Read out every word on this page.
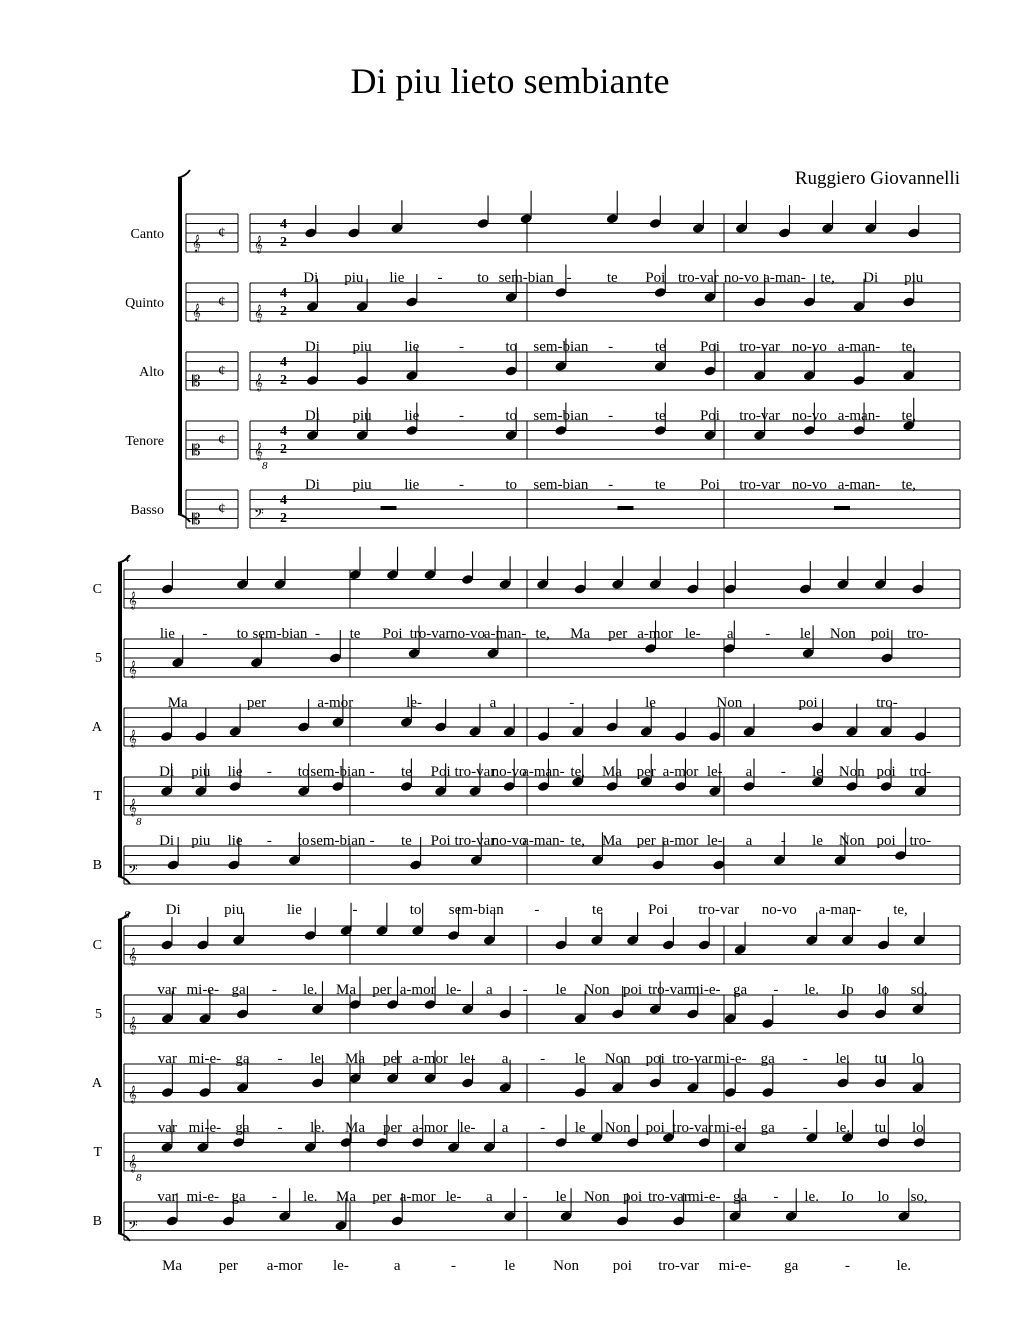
Di piu lieto sembiante
Ruggiero Giovannelli
𝄞
¢
Canto
𝄞
¢
Quinto
𝄡
¢
Alto
𝄡
¢
Tenore
𝄡
¢
Basso
𝄞
4
2
Di piu lie - to sem-bian - te Poi tro-var no-vo a-man- te, Di piu
𝄞
4
2
Di piu lie	-	to sem-bian -	te Poi tro-var no-vo a-man- te,
𝄞
4
2
Di piu lie	-	to sem-bian -	te Poi tro-var no-vo a-man- te,
𝄞
8
4
2
Di piu lie	-	to sem-bian -	te Poi tro-var no-vo a-man- te,
𝄢
4
2
C
5
A
T
B
4
𝄞
lie - to sem-bian - te Poi tro-var no-vo
a-man- te, Ma per a-mor le- a - le Non poi tro-
𝄞
Ma	per	a-mor	le-	a	-	le	Non	poi	tro-
𝄞
Di piu lie - to sem-bian - te Poi tro-var
no-vo
a-man- te, Ma per a-mor le- a - le Non poi tro-
𝄞
8
Di piu lie - to sem-bian - te Poi tro-var
no-vo
a-man- te, Ma per a-mor le- a - le Non poi tro-
𝄢
Di	piu	lie	-	to sem-bian -	te	Poi tro-var no-vo a-man- te,
C
5
A
T
B
8
𝄞
var mi-e- ga - le. Ma per a-mor le- a - le Non poi tro-var mi-e- ga - le. Io lo so,
𝄞
var mi-e- ga - le. Ma per a-mor le- a - le Non poi tro-var mi-e- ga - le. tu lo
𝄞
var mi-e- ga - le. Ma per a-mor le- a - le Non poi tro-var mi-e- ga - le. tu lo
𝄞
8
var mi-e- ga - le. Ma per a-mor le- a - le Non poi tro-var mi-e- ga - le. Io lo so,
𝄢
Ma per a-mor le-	a	-	le	Non poi tro-var mi-e- ga	-	le.
